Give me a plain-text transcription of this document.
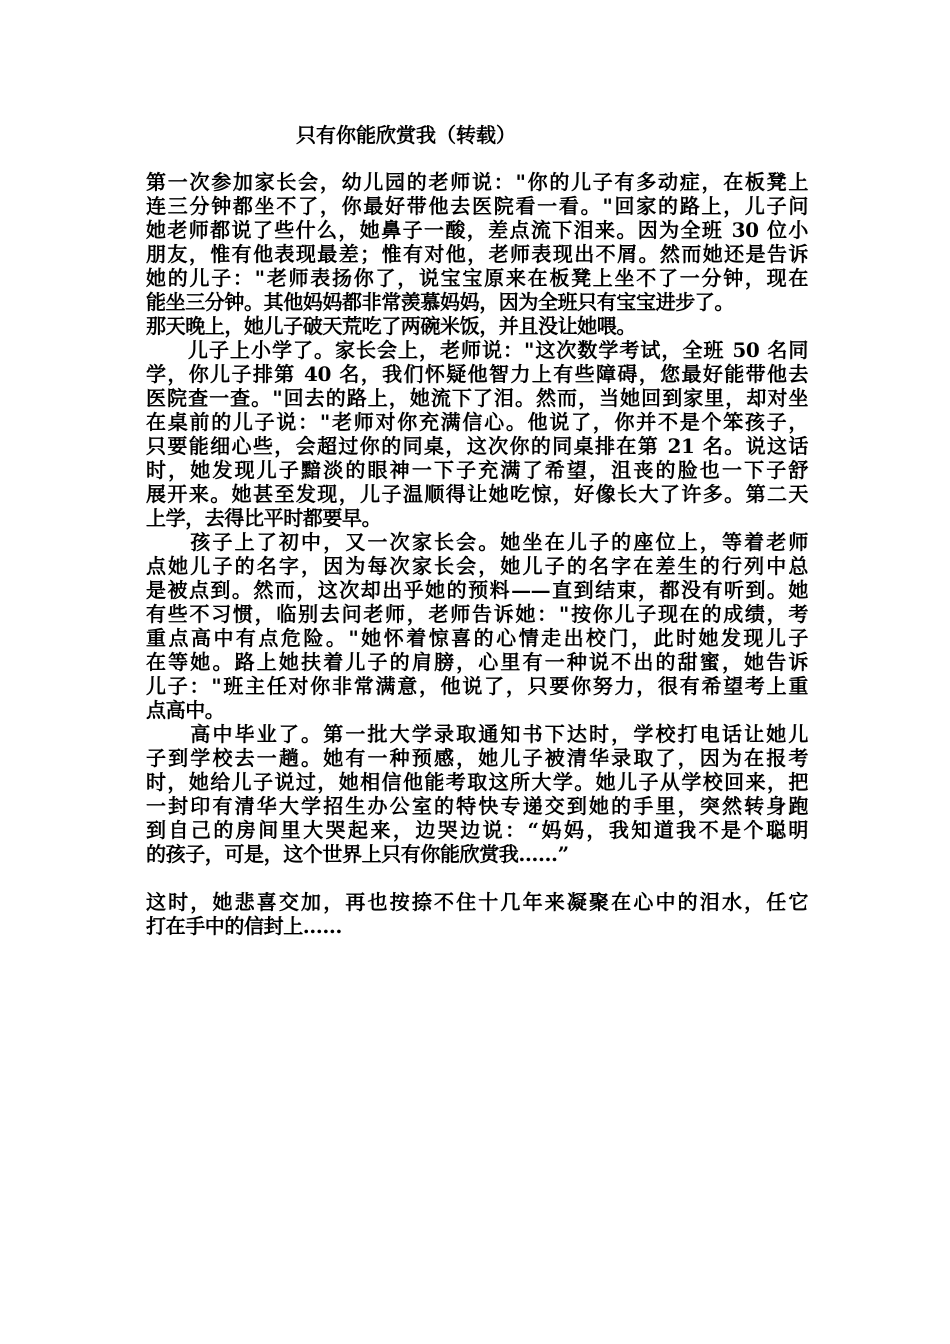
只有你能欣赏我（转载）
第一次参加家长会，幼儿园的老师说："你的儿子有多动症，在板凳上
连三分钟都坐不了，你最好带他去医院看一看。"回家的路上，儿子问
她老师都说了些什么，她鼻子一酸，差点流下泪来。因为全班 30 位小
朋友，惟有他表现最差；惟有对他，老师表现出不屑。然而她还是告诉
她的儿子："老师表扬你了，说宝宝原来在板凳上坐不了一分钟，现在
能坐三分钟。其他妈妈都非常羡慕妈妈，因为全班只有宝宝进步了。
那天晚上，她儿子破天荒吃了两碗米饭，并且没让她喂。
　　儿子上小学了。家长会上，老师说："这次数学考试，全班 50 名同
学，你儿子排第 40 名，我们怀疑他智力上有些障碍，您最好能带他去
医院查一查。"回去的路上，她流下了泪。然而，当她回到家里，却对坐
在桌前的儿子说："老师对你充满信心。他说了，你并不是个笨孩子，
只要能细心些，会超过你的同桌，这次你的同桌排在第 21 名。说这话
时，她发现儿子黯淡的眼神一下子充满了希望，沮丧的脸也一下子舒
展开来。她甚至发现，儿子温顺得让她吃惊，好像长大了许多。第二天
上学，去得比平时都要早。
　　孩子上了初中，又一次家长会。她坐在儿子的座位上，等着老师
点她儿子的名字，因为每次家长会，她儿子的名字在差生的行列中总
是被点到。然而，这次却出乎她的预料——直到结束，都没有听到。她
有些不习惯，临别去问老师，老师告诉她："按你儿子现在的成绩，考
重点高中有点危险。"她怀着惊喜的心情走出校门，此时她发现儿子
在等她。路上她扶着儿子的肩膀，心里有一种说不出的甜蜜，她告诉
儿子："班主任对你非常满意，他说了，只要你努力，很有希望考上重
点高中。
　　高中毕业了。第一批大学录取通知书下达时，学校打电话让她儿
子到学校去一趟。她有一种预感，她儿子被清华录取了，因为在报考
时，她给儿子说过，她相信他能考取这所大学。她儿子从学校回来，把
一封印有清华大学招生办公室的特快专递交到她的手里，突然转身跑
到自己的房间里大哭起来，边哭边说：“妈妈，我知道我不是个聪明
的孩子，可是，这个世界上只有你能欣赏我……”
这时，她悲喜交加，再也按捺不住十几年来凝聚在心中的泪水，任它
打在手中的信封上……
